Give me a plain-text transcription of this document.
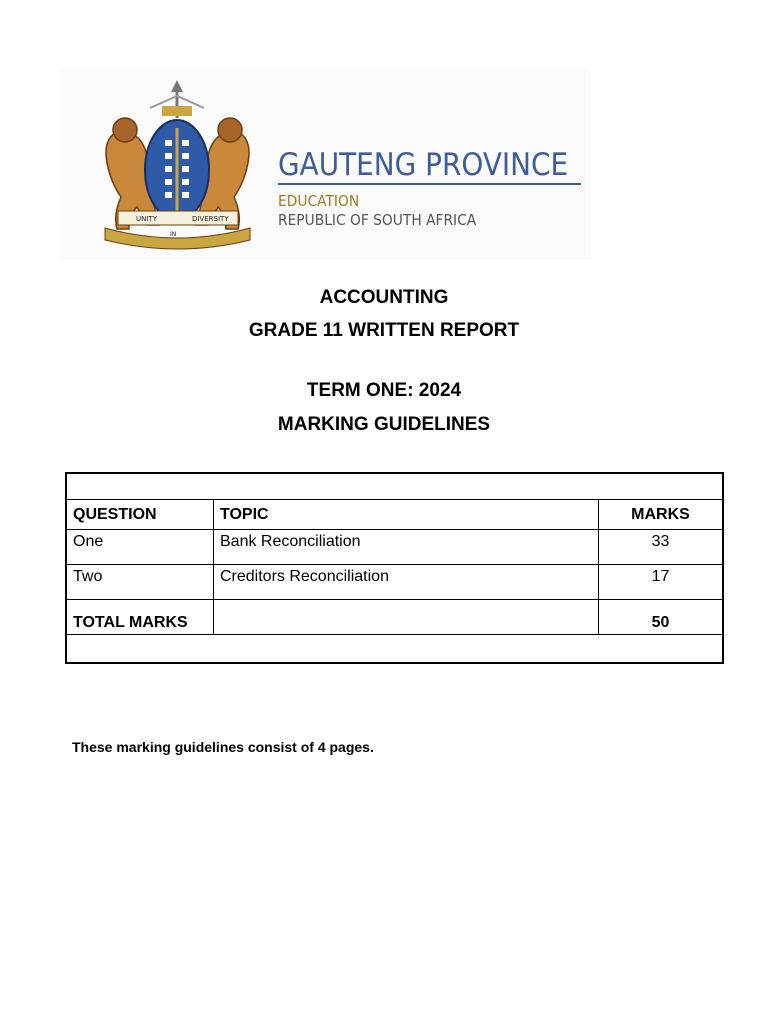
UNITY
IN
DIVERSITY
GAUTENG PROVINCE
EDUCATION
REPUBLIC OF SOUTH AFRICA
ACCOUNTING
GRADE 11 WRITTEN REPORT
TERM ONE: 2024
MARKING GUIDELINES

QUESTION	TOPIC	MARKS
One	Bank Reconciliation	33
Two	Creditors Reconciliation	17
TOTAL MARKS		50

These marking guidelines consist of 4 pages.
